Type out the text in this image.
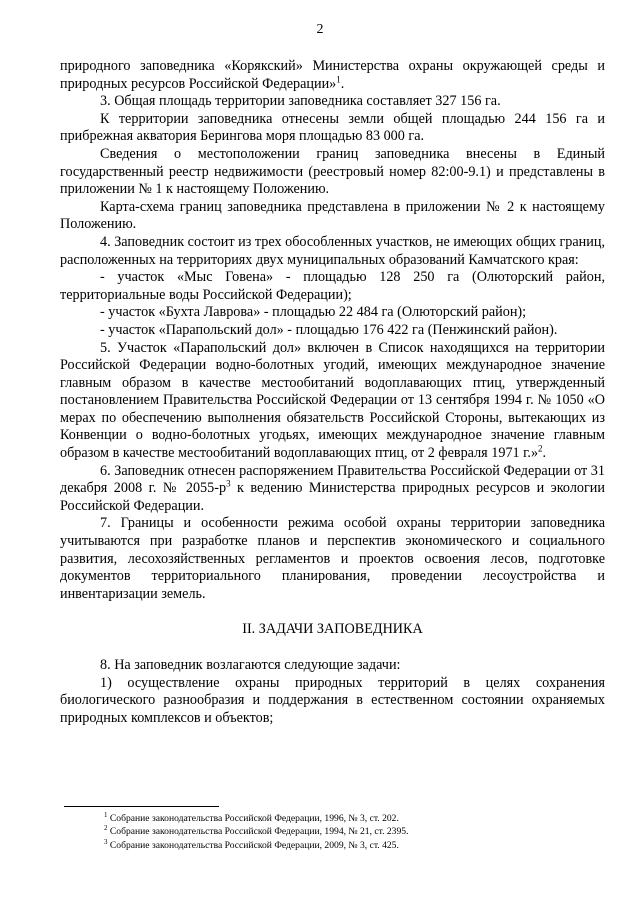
2

природного заповедника «Корякский» Министерства охраны окружающей среды и природных ресурсов Российской Федерации»$^1$.

3. Общая площадь территории заповедника составляет 327 156 га.

К территории заповедника отнесены земли общей площадью 244 156 га и прибрежная акватория Берингова моря площадью 83 000 га.

Сведения о местоположении границ заповедника внесены в Единый государственный реестр недвижимости (реестровый номер 82:00-9.1) и представлены в приложении № 1 к настоящему Положению.

Карта-схема границ заповедника представлена в приложении № 2 к настоящему Положению.

4. Заповедник состоит из трех обособленных участков, не имеющих общих границ, расположенных на территориях двух муниципальных образований Камчатского края:

- участок «Мыс Говена» - площадью 128 250 га (Олюторский район, территориальные воды Российской Федерации);

- участок «Бухта Лаврова» - площадью 22 484 га (Олюторский район);

- участок «Парапольский дол» - площадью 176 422 га (Пенжинский район).

5. Участок «Парапольский дол» включен в Список находящихся на территории Российской Федерации водно-болотных угодий, имеющих международное значение главным образом в качестве местообитаний водоплавающих птиц, утвержденный постановлением Правительства Российской Федерации от 13 сентября 1994 г. № 1050 «О мерах по обеспечению выполнения обязательств Российской Стороны, вытекающих из Конвенции о водно-болотных угодьях, имеющих международное значение главным образом в качестве местообитаний водоплавающих птиц, от 2 февраля 1971 г.»$^2$.

6. Заповедник отнесен распоряжением Правительства Российской Федерации от 31 декабря 2008 г. № $2055-р^3$ к ведению Министерства природных ресурсов и экологии Российской Федерации.

7. Границы и особенности режима особой охраны территории заповедника учитываются при разработке планов и перспектив экономического и социального развития, лесохозяйственных регламентов и проектов освоения лесов, подготовке документов территориального планирования, проведении лесоустройства и инвентаризации земель.

II. ЗАДАЧИ ЗАПОВЕДНИКА

8. На заповедник возлагаются следующие задачи:

1) осуществление охраны природных территорий в целях сохранения биологического разнообразия и поддержания в естественном состоянии охраняемых природных комплексов и объектов;

$^1$ Собрание законодательства Российской Федерации, 1996, № 3, ст. 202.
$^2$ Собрание законодательства Российской Федерации, 1994, № 21, ст. 2395.
$^3$ Собрание законодательства Российской Федерации, 2009, № 3, ст. 425.
